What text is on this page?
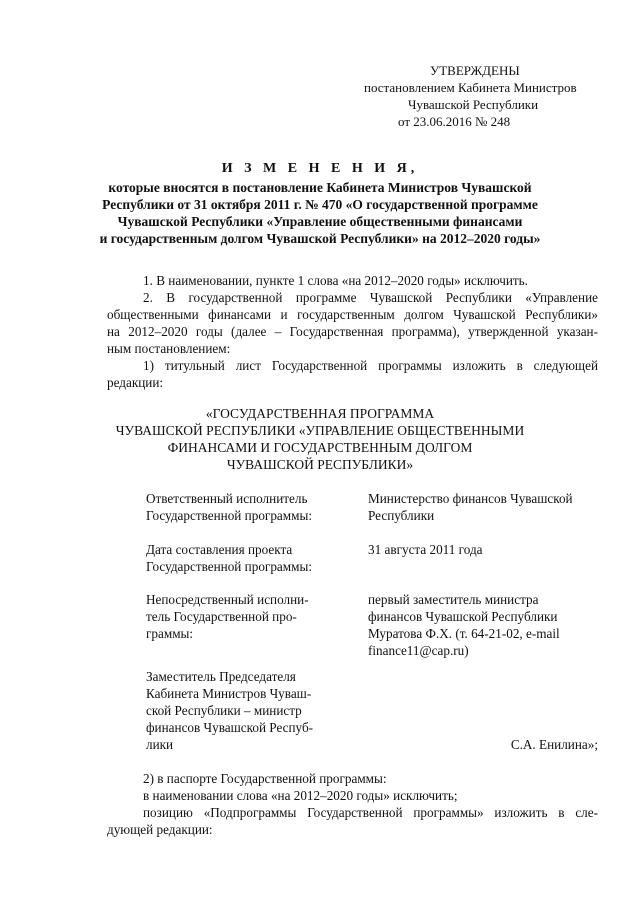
УТВЕРЖДЕНЫ
постановлением Кабинета Министров
Чувашской Республики
от 23.06.2016 № 248
И З М Е Н Е Н И Я,
которые вносятся в постановление Кабинета Министров Чувашской
Республики от 31 октября 2011 г. № 470 «О государственной программе
Чувашской Республики «Управление общественными финансами
и государственным долгом Чувашской Республики» на 2012–2020 годы»
1. В наименовании, пункте 1 слова «на 2012–2020 годы» исключить.
2. В государственной программе Чувашской Республики «Управление
общественными финансами и государственным долгом Чувашской Республики»
на 2012–2020 годы (далее – Государственная программа), утвержденной указан-
ным постановлением:
1) титульный лист Государственной программы изложить в следующей
редакции:
«ГОСУДАРСТВЕННАЯ ПРОГРАММА
ЧУВАШСКОЙ РЕСПУБЛИКИ «УПРАВЛЕНИЕ ОБЩЕСТВЕННЫМИ
ФИНАНСАМИ И ГОСУДАРСТВЕННЫМ ДОЛГОМ
ЧУВАШСКОЙ РЕСПУБЛИКИ»
Ответственный исполнитель
Государственной программы:
Министерство финансов Чувашской
Республики
Дата составления проекта
Государственной программы:
31 августа 2011 года
Непосредственный исполни-
тель Государственной про-
граммы:
первый заместитель министра
финансов Чувашской Республики
Муратова Ф.Х. (т. 64-21-02, e-mail
finance11@cap.ru)
Заместитель Председателя
Кабинета Министров Чуваш-
ской Республики – министр
финансов Чувашской Респуб-
лики	С.А. Енилина»;
2) в паспорте Государственной программы:
в наименовании слова «на 2012–2020 годы» исключить;
позицию «Подпрограммы Государственной программы» изложить в сле-
дующей редакции:
